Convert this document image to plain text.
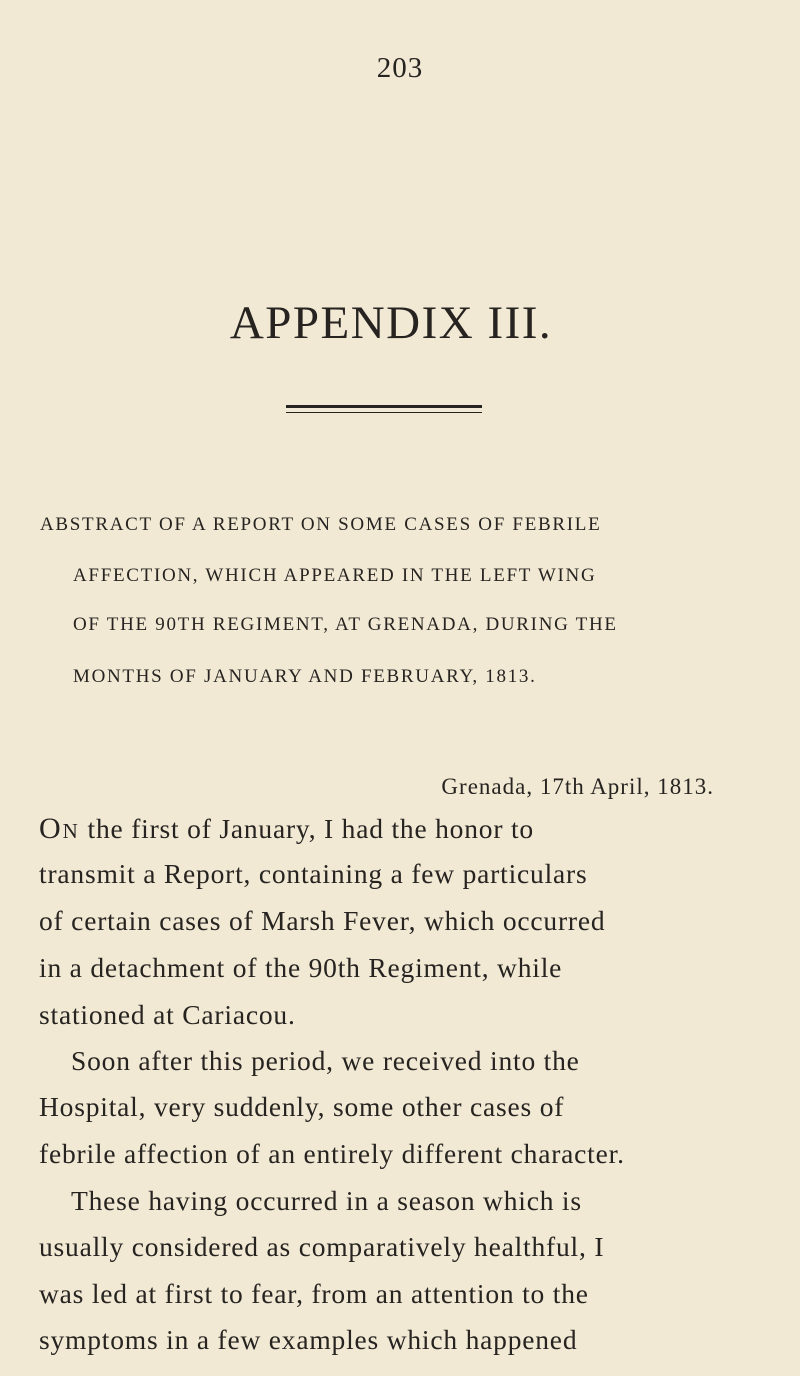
203
APPENDIX III.

ABSTRACT OF A REPORT ON SOME CASES OF FEBRILE

AFFECTION, WHICH APPEARED IN THE LEFT WING

OF THE 90TH REGIMENT, AT GRENADA, DURING THE

MONTHS OF JANUARY AND FEBRUARY, 1813.

Grenada, 17th April, 1813.
ON the first of January, I had the honor to
transmit a Report, containing a few particulars
of certain cases of Marsh Fever, which occurred
in a detachment of the 90th Regiment, while
stationed at Cariacou.
Soon after this period, we received into the
Hospital, very suddenly, some other cases of
febrile affection of an entirely different character.
These having occurred in a season which is
usually considered as comparatively healthful, I
was led at first to fear, from an attention to the
symptoms in a few examples which happened
